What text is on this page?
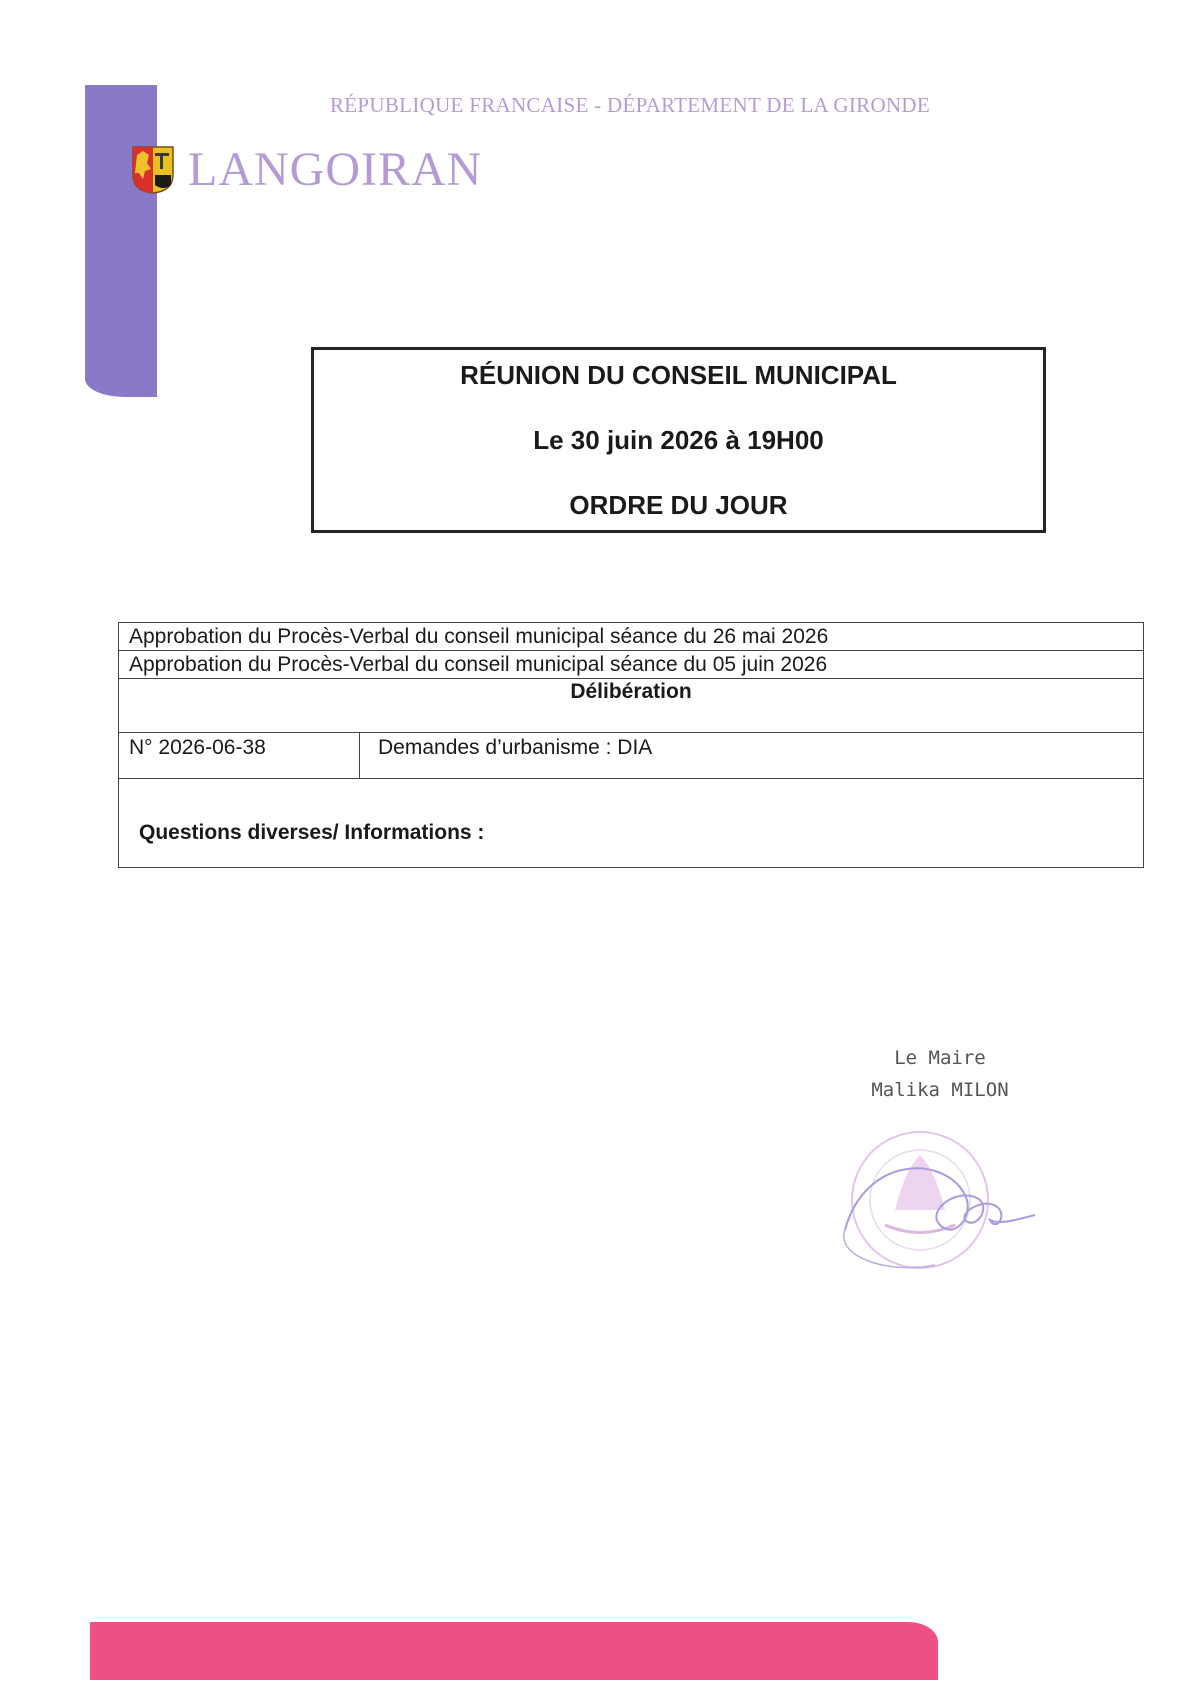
RÉPUBLIQUE FRANCAISE - DÉPARTEMENT DE LA GIRONDE
LANGOIRAN
RÉUNION DU CONSEIL MUNICIPAL
Le 30 juin 2026 à 19H00
ORDRE DU JOUR
Approbation du Procès-Verbal du conseil municipal séance du 26 mai 2026
Approbation du Procès-Verbal du conseil municipal séance du 05 juin 2026
Délibération
N° 2026-06-38	Demandes d’urbanisme : DIA
Questions diverses/ Informations :
Le Maire
Malika MILON
